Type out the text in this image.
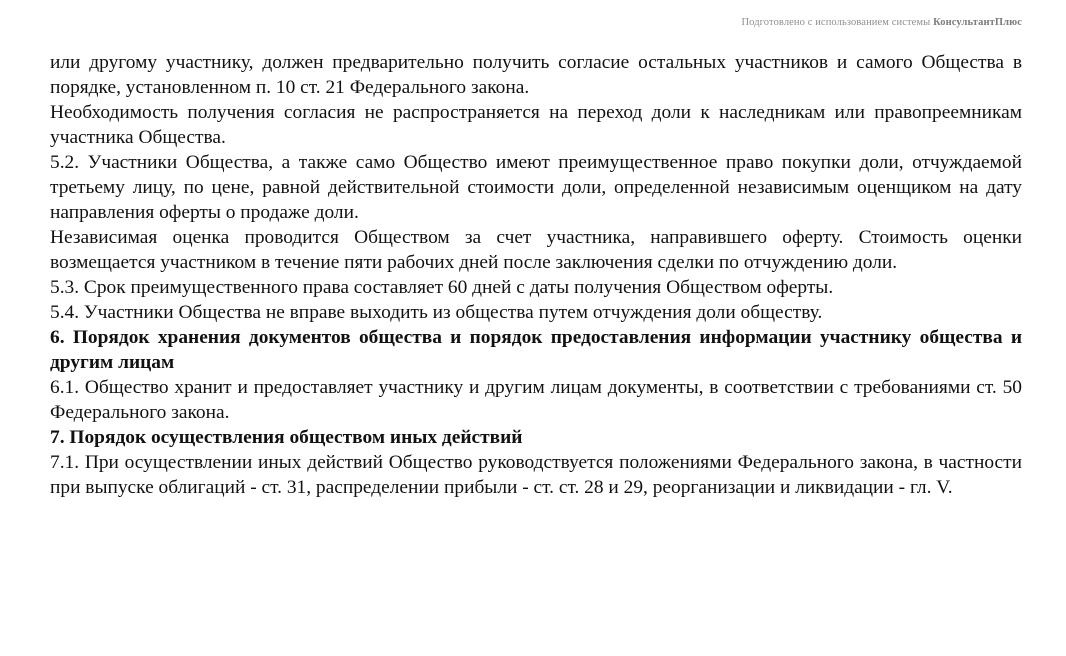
Подготовлено с использованием системы КонсультантПлюс

или другому участнику, должен предварительно получить согласие остальных участников и самого Общества в порядке, установленном п. 10 ст. 21 Федерального закона.

Необходимость получения согласия не распространяется на переход доли к наследникам или правопреемникам участника Общества.

5.2. Участники Общества, а также само Общество имеют преимущественное право покупки доли, отчуждаемой третьему лицу, по цене, равной действительной стоимости доли, определенной независимым оценщиком на дату направления оферты о продаже доли.

Независимая оценка проводится Обществом за счет участника, направившего оферту. Стоимость оценки возмещается участником в течение пяти рабочих дней после заключения сделки по отчуждению доли.

5.3. Срок преимущественного права составляет 60 дней с даты получения Обществом оферты.

5.4. Участники Общества не вправе выходить из общества путем отчуждения доли обществу.

6. Порядок хранения документов общества и порядок предоставления информации участнику общества и другим лицам

6.1. Общество хранит и предоставляет участнику и другим лицам документы, в соответствии с требованиями ст. 50 Федерального закона.

7. Порядок осуществления обществом иных действий

7.1. При осуществлении иных действий Общество руководствуется положениями Федерального закона, в частности при выпуске облигаций - ст. 31, распределении прибыли - ст. ст. 28 и 29, реорганизации и ликвидации - гл. V.
